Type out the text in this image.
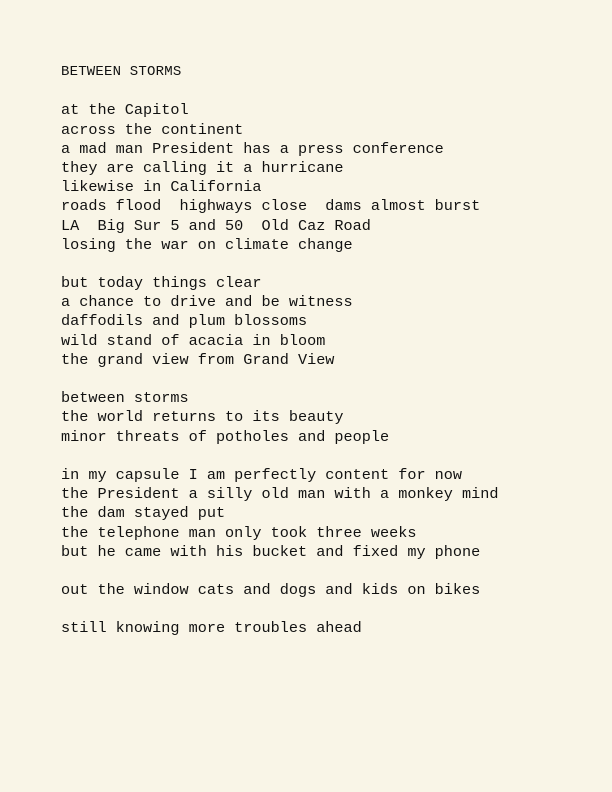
BETWEEN STORMS
at the Capitol
across the continent
a mad man President has a press conference
they are calling it a hurricane
likewise in California
roads flood  highways close  dams almost burst
LA  Big Sur 5 and 50  Old Caz Road
losing the war on climate change
but today things clear
a chance to drive and be witness
daffodils and plum blossoms
wild stand of acacia in bloom
the grand view from Grand View
between storms
the world returns to its beauty
minor threats of potholes and people
in my capsule I am perfectly content for now
the President a silly old man with a monkey mind
the dam stayed put
the telephone man only took three weeks
but he came with his bucket and fixed my phone
out the window cats and dogs and kids on bikes
still knowing more troubles ahead
